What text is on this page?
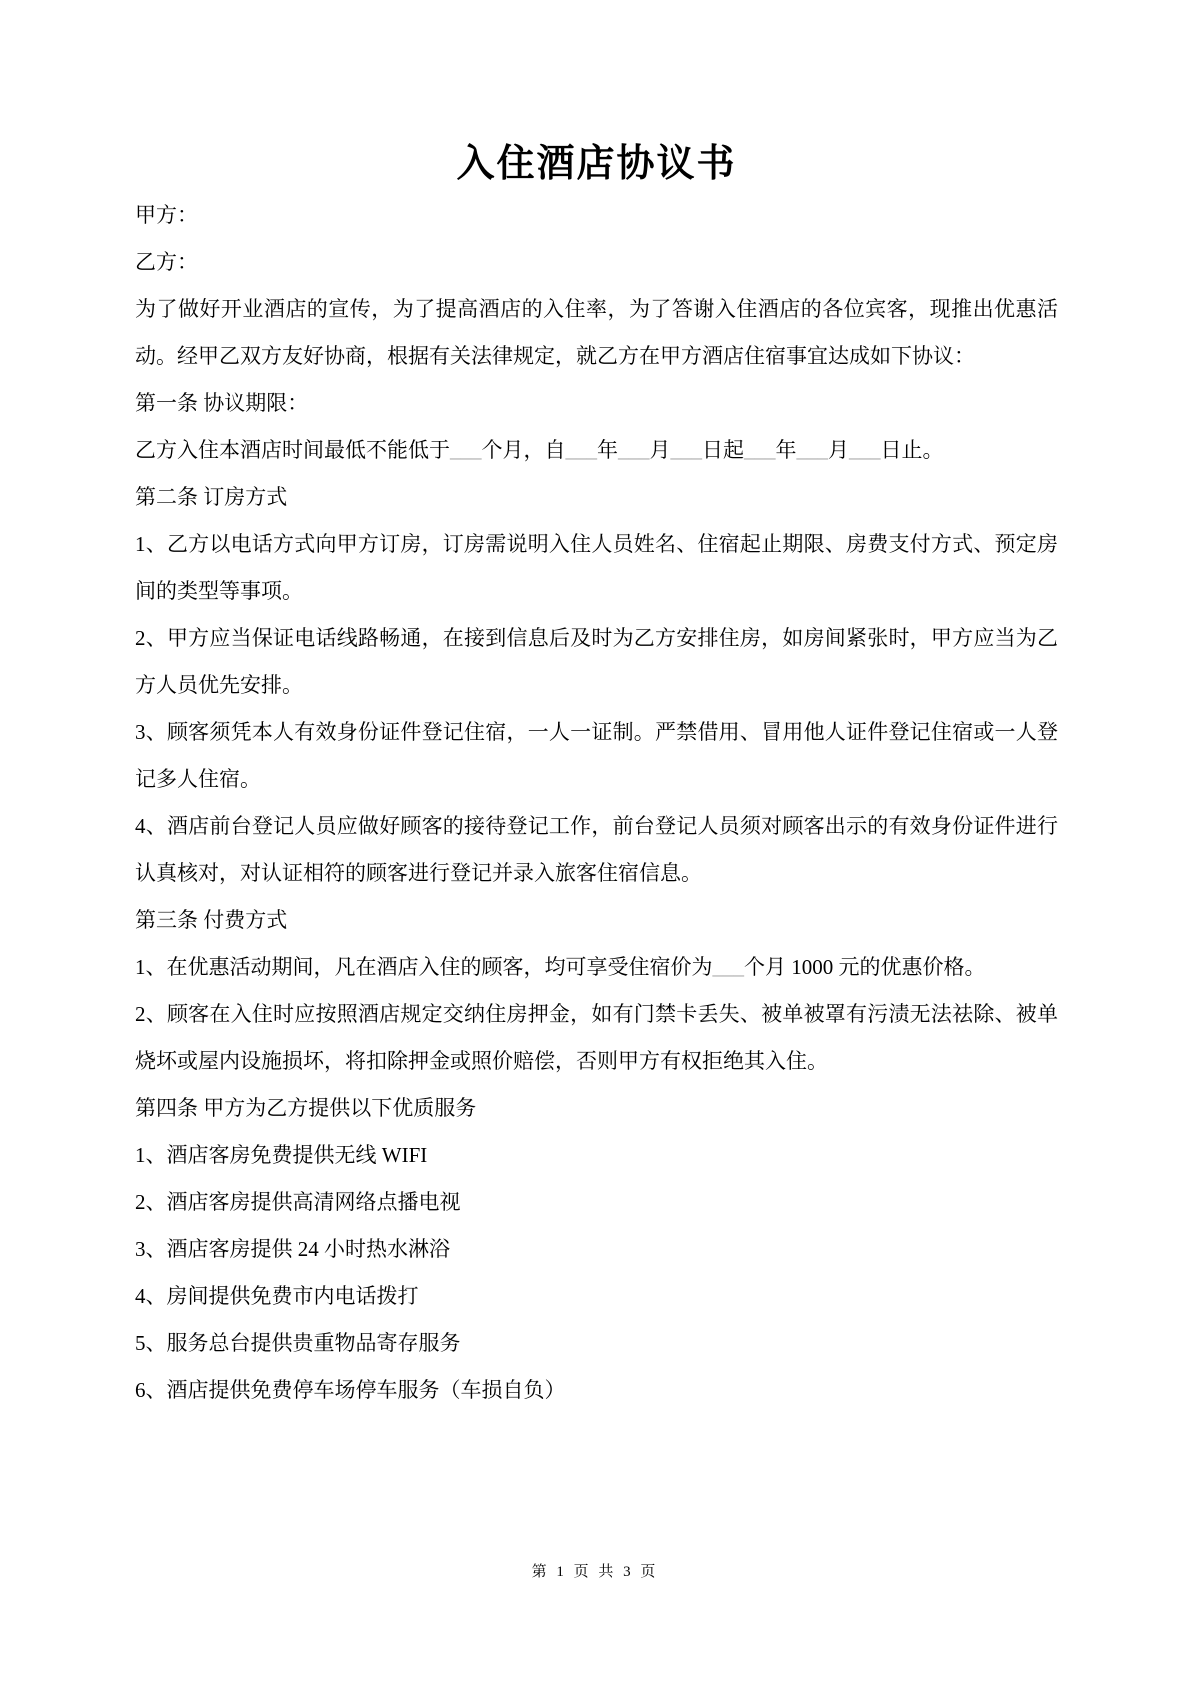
入住酒店协议书

甲方：

乙方：

为了做好开业酒店的宣传，为了提高酒店的入住率，为了答谢入住酒店的各位宾客，现推出优惠活动。经甲乙双方友好协商，根据有关法律规定，就乙方在甲方酒店住宿事宜达成如下协议：

第一条 协议期限：

乙方入住本酒店时间最低不能低于___个月，自___年___月___日起___年___月___日止。

第二条 订房方式

1、乙方以电话方式向甲方订房，订房需说明入住人员姓名、住宿起止期限、房费支付方式、预定房间的类型等事项。

2、甲方应当保证电话线路畅通，在接到信息后及时为乙方安排住房，如房间紧张时，甲方应当为乙方人员优先安排。

3、顾客须凭本人有效身份证件登记住宿，一人一证制。严禁借用、冒用他人证件登记住宿或一人登记多人住宿。

4、酒店前台登记人员应做好顾客的接待登记工作，前台登记人员须对顾客出示的有效身份证件进行认真核对，对认证相符的顾客进行登记并录入旅客住宿信息。

第三条 付费方式

1、在优惠活动期间，凡在酒店入住的顾客，均可享受住宿价为___个月 1000 元的优惠价格。

2、顾客在入住时应按照酒店规定交纳住房押金，如有门禁卡丢失、被单被罩有污渍无法祛除、被单烧坏或屋内设施损坏，将扣除押金或照价赔偿，否则甲方有权拒绝其入住。

第四条 甲方为乙方提供以下优质服务

1、酒店客房免费提供无线 WIFI

2、酒店客房提供高清网络点播电视

3、酒店客房提供 24 小时热水淋浴

4、房间提供免费市内电话拨打

5、服务总台提供贵重物品寄存服务

6、酒店提供免费停车场停车服务（车损自负）

第 1 页 共 3 页
